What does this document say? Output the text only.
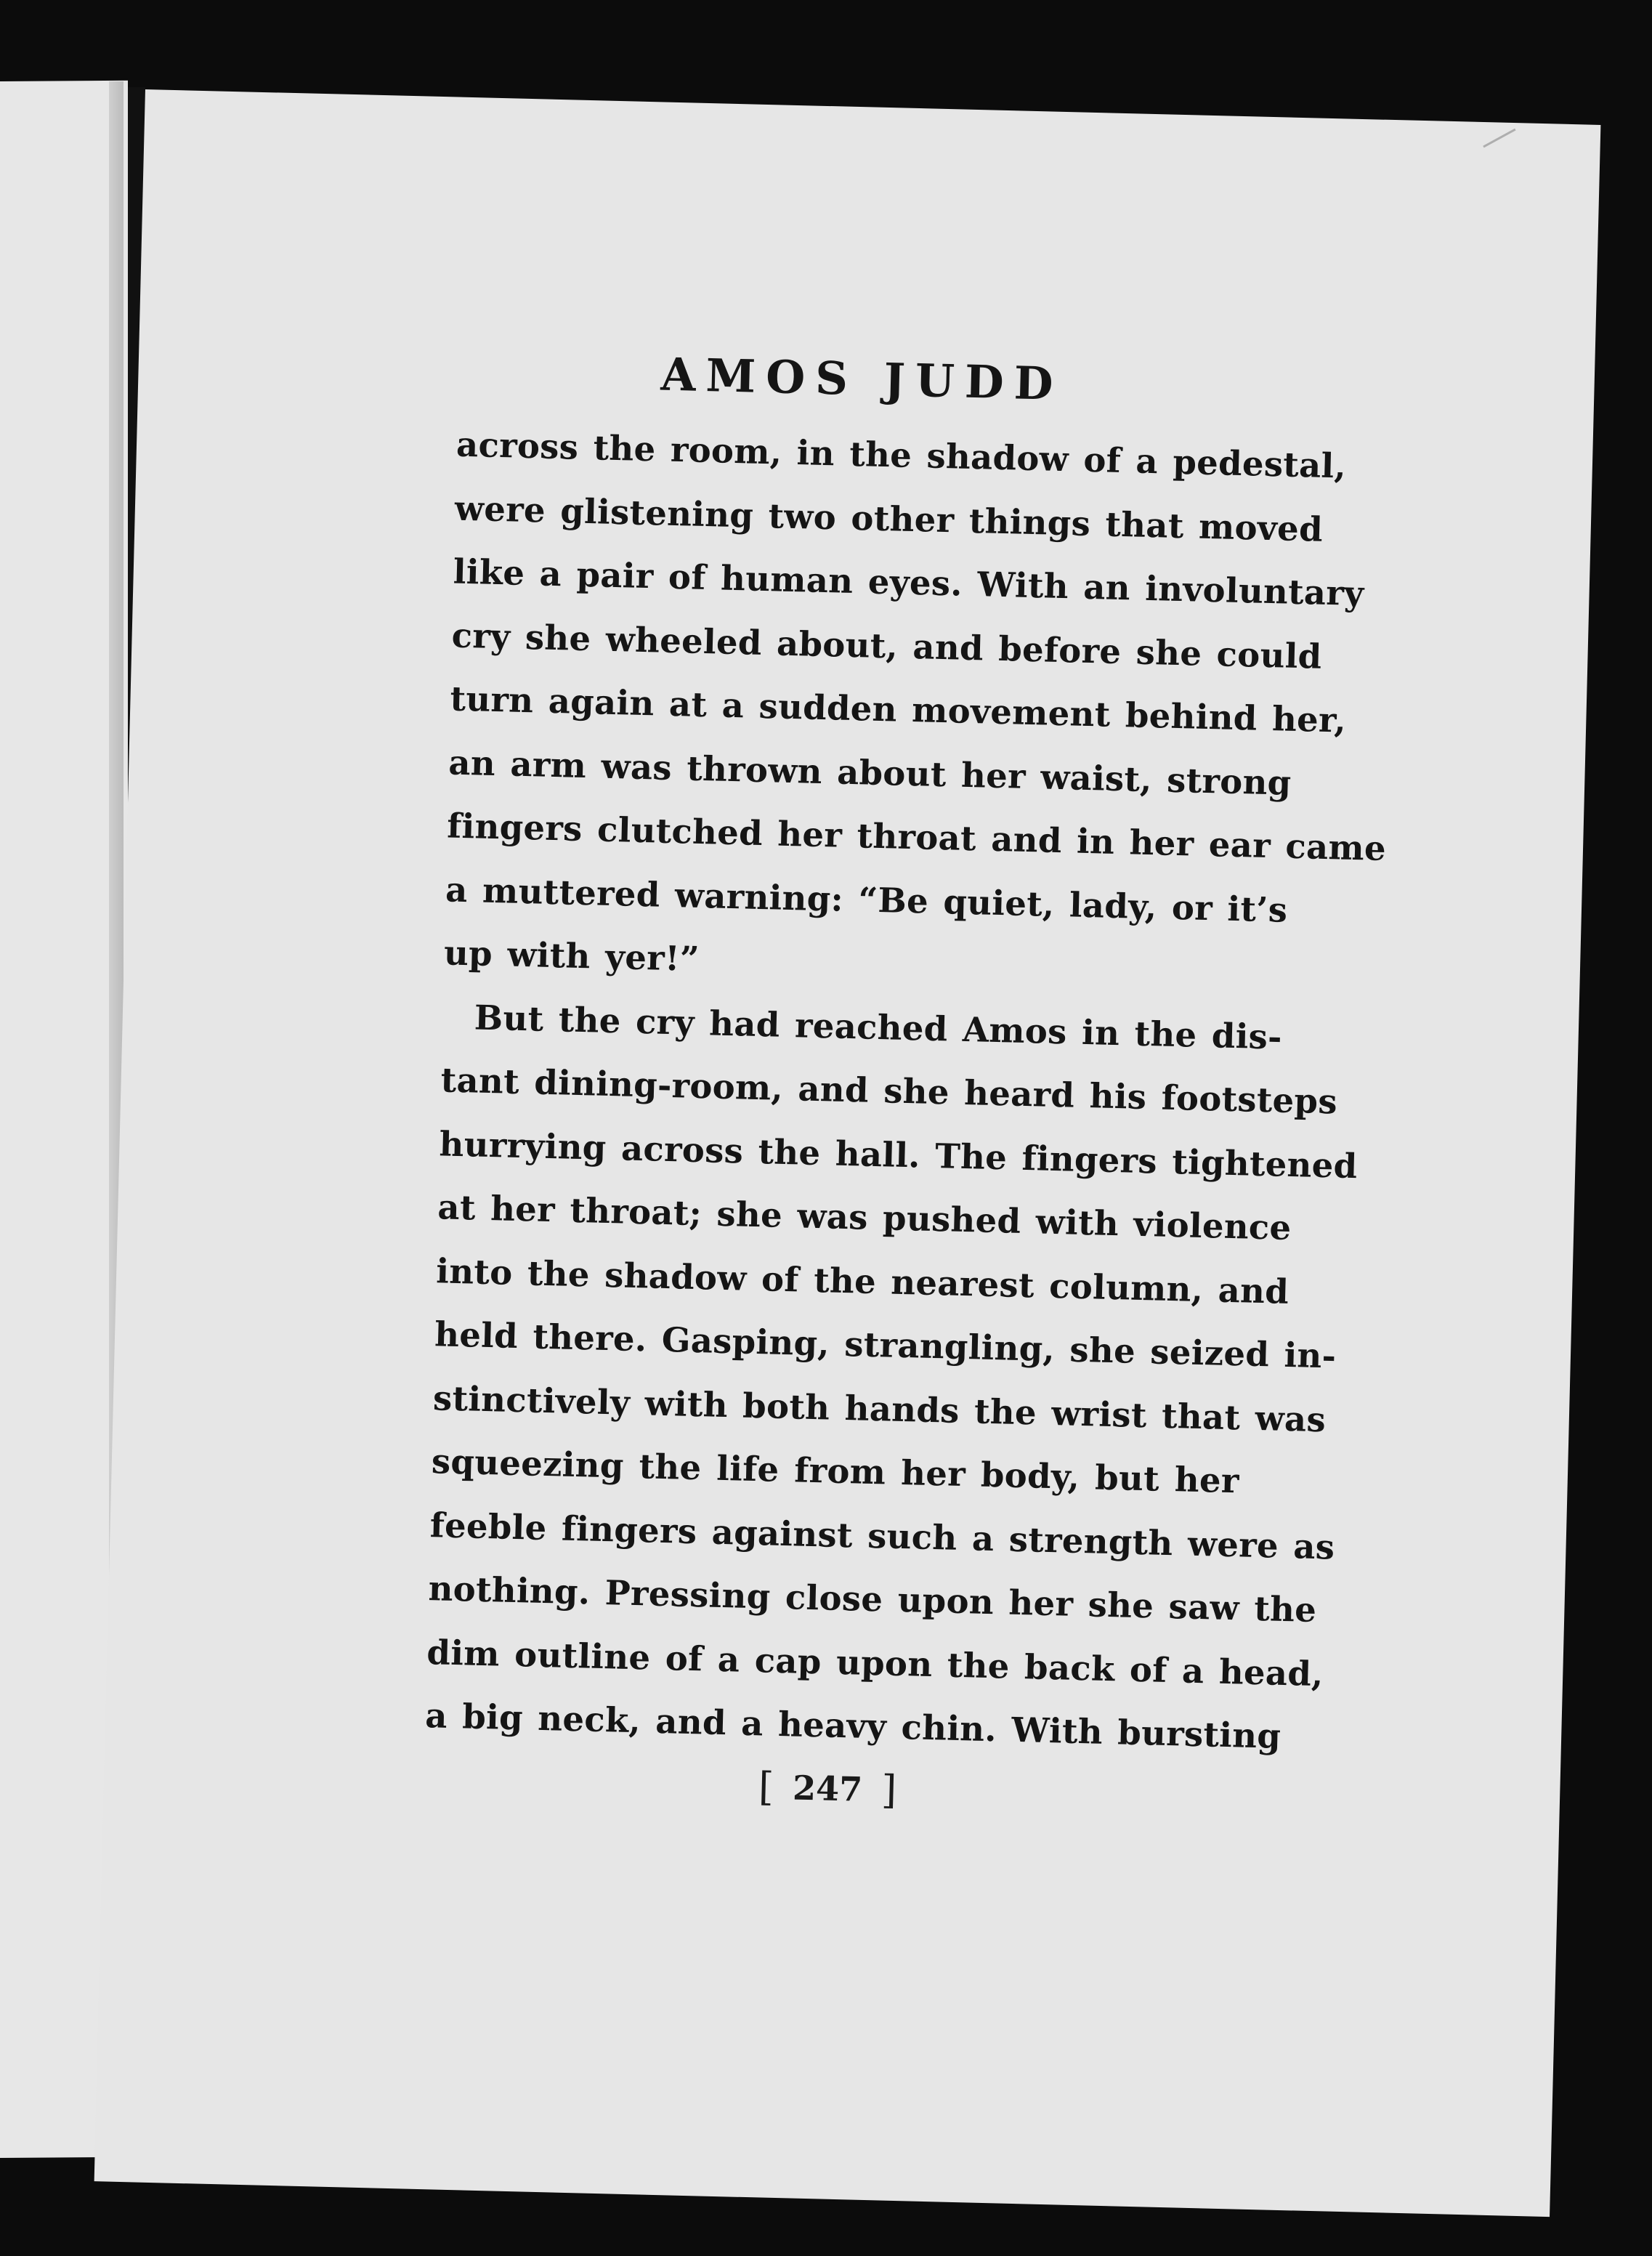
AMOS JUDD
across the room, in the shadow of a pedestal,
were glistening two other things that moved
like a pair of human eyes. With an involuntary
cry she wheeled about, and before she could
turn again at a sudden movement behind her,
an arm was thrown about her waist, strong
fingers clutched her throat and in her ear came
a muttered warning: “Be quiet, lady, or it’s
up with yer!”
But the cry had reached Amos in the dis-
tant dining-room, and she heard his footsteps
hurrying across the hall. The fingers tightened
at her throat; she was pushed with violence
into the shadow of the nearest column, and
held there. Gasping, strangling, she seized in-
stinctively with both hands the wrist that was
squeezing the life from her body, but her
feeble fingers against such a strength were as
nothing. Pressing close upon her she saw the
dim outline of a cap upon the back of a head,
a big neck, and a heavy chin. With bursting
[ 247 ]
